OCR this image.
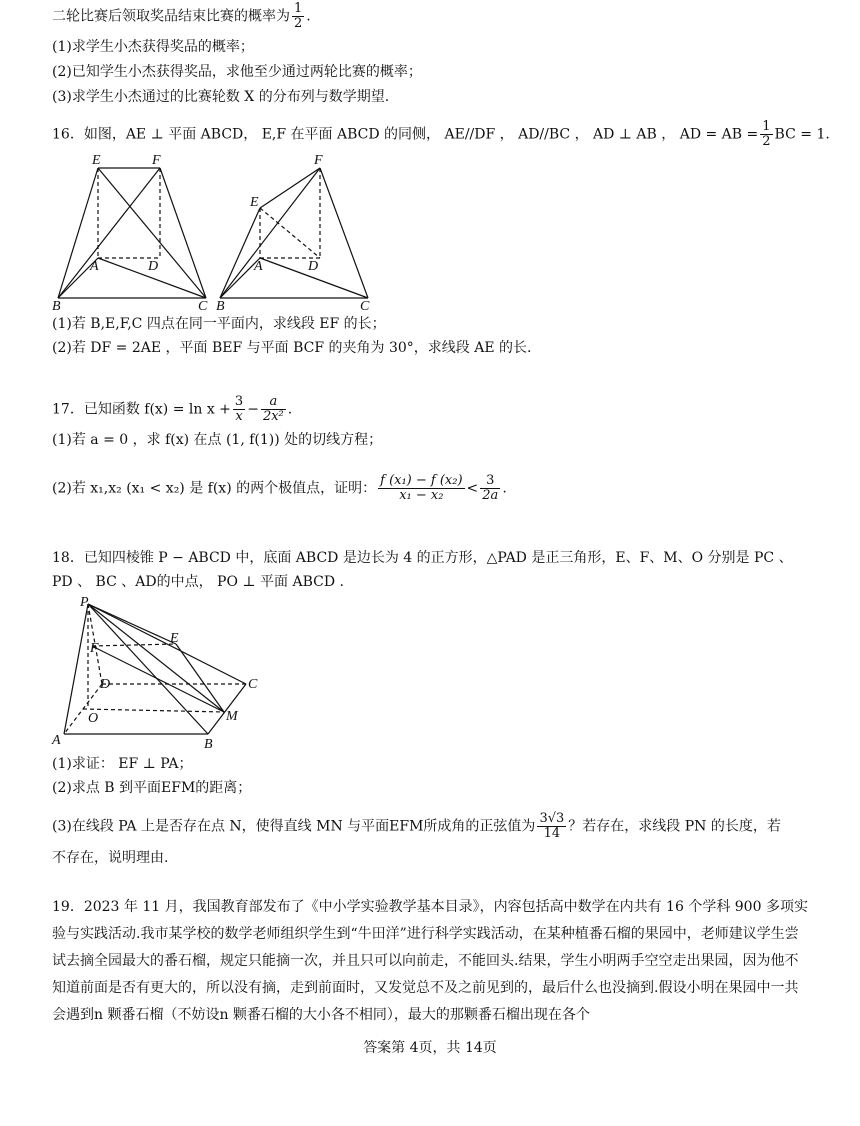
二轮比赛后领取奖品结束比赛的概率为 $\frac{1}{2}$ .
(1)求学生小杰获得奖品的概率；
(2)已知学生小杰获得奖品，求他至少通过两轮比赛的概率；
(3)求学生小杰通过的比赛轮数 X 的分布列与数学期望.
16．如图，AE ⊥ 平面 ABCD， E,F 在平面 ABCD 的同侧， AE//DF ， AD//BC ， AD ⊥ AB ， AD = AB = $\frac{1}{2}$ BC = 1.
E	F
A	D
B	C
E
F
A	D
B	C
(1)若 B,E,F,C 四点在同一平面内，求线段 EF 的长；
(2)若 DF = 2AE ，平面 BEF 与平面 BCF 的夹角为 30°，求线段 AE 的长.
17．已知函数 $f(x) = \ln x + \frac{3}{x} - \frac{a}{\text{2x²}}$ .
(1)若 a = 0 ，求 f(x) 在点 (1, f(1)) 处的切线方程；
(2)若 x₁,x₂ (x₁ < x₂) 是 f(x) 的两个极值点，证明： $\frac{\text{f (x₁) − f (x₂)}}{\text{x₁ − x₂}} < \frac{3}{2a}$ .
18．已知四棱锥 P − ABCD 中，底面 ABCD 是边长为 4 的正方形，△PAD 是正三角形，E、F、M、O 分别是 PC 、
PD 、 BC 、AD的中点， PO ⊥ 平面 ABCD .
P
E
F
D	C
O	M
A	B
(1)求证： EF ⊥ PA；
(2)求点 B 到平面EFM的距离；
(3)在线段 PA 上是否存在点 N，使得直线 MN 与平面EFM所成角的正弦值为 $\frac{3√3}{14}$ ？若存在，求线段 PN 的长度，若
不存在，说明理由.
19．2023 年 11 月，我国教育部发布了《中小学实验教学基本目录》，内容包括高中数学在内共有 16 个学科 900 多项实验与实践活动.我市某学校的数学老师组织学生到“牛田洋”进行科学实践活动，在某种植番石榴的果园中，老师建议学生尝试去摘全园最大的番石榴，规定只能摘一次，并且只可以向前走，不能回头.结果，学生小明两手空空走出果园，因为他不知道前面是否有更大的，所以没有摘，走到前面时，又发觉总不及之前见到的，最后什么也没摘到.假设小明在果园中一共会遇到n 颗番石榴（不妨设n 颗番石榴的大小各不相同），最大的那颗番石榴出现在各个
答案第 4页，共 14页
